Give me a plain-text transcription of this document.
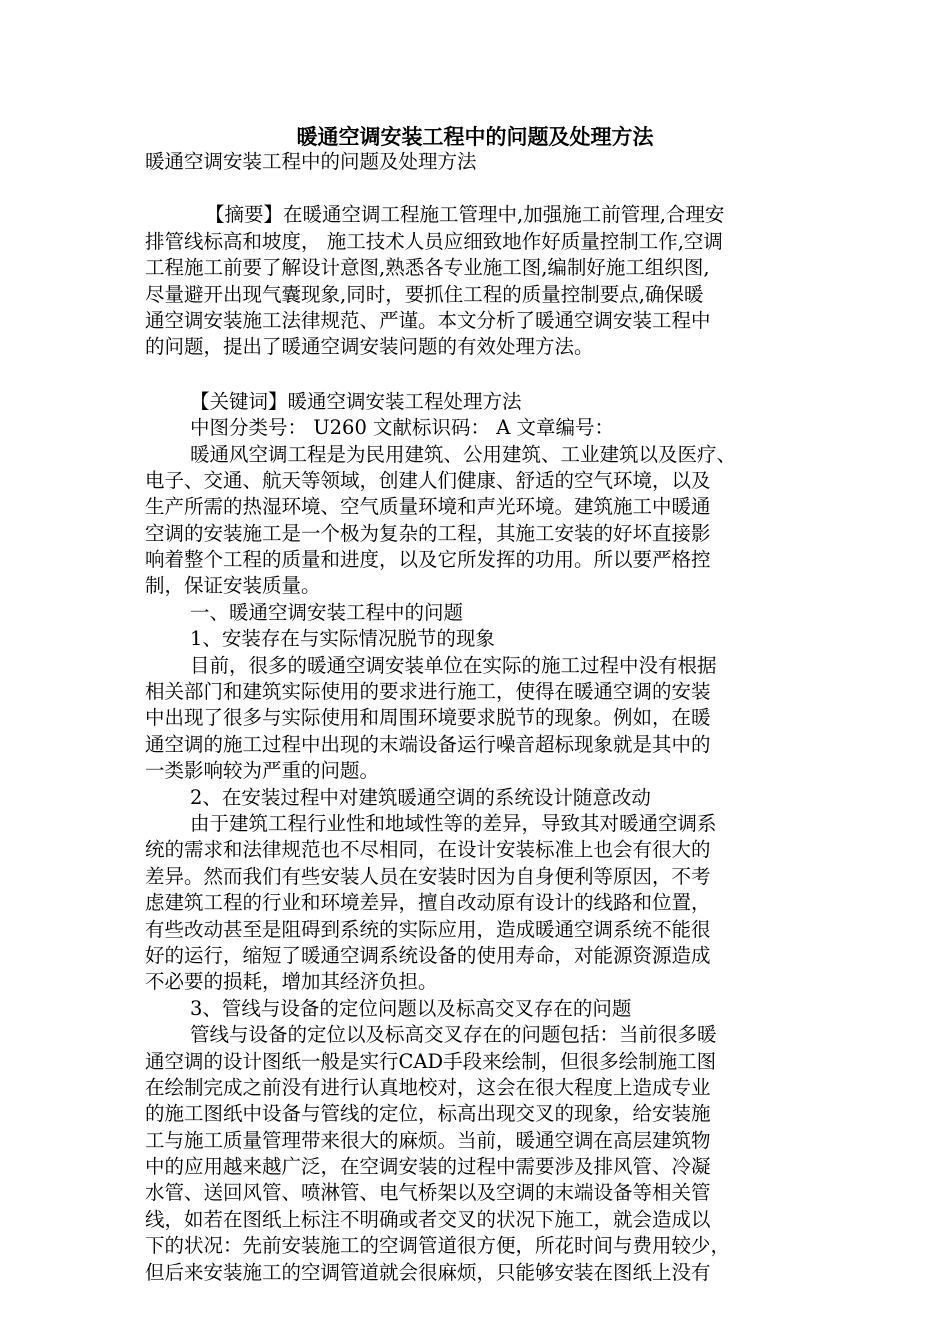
暖通空调安装工程中的问题及处理方法
暖通空调安装工程中的问题及处理方法
【摘要】在暖通空调工程施工管理中,加强施工前管理,合理安
排管线标高和坡度， 施工技术人员应细致地作好质量控制工作,空调
工程施工前要了解设计意图,熟悉各专业施工图,编制好施工组织图,
尽量避开出现气囊现象,同时，要抓住工程的质量控制要点,确保暖
通空调安装施工法律规范、严谨。本文分析了暖通空调安装工程中
的问题，提出了暖通空调安装问题的有效处理方法。
【关键词】暖通空调安装工程处理方法
中图分类号： U260 文献标识码： A 文章编号：
暖通风空调工程是为民用建筑、公用建筑、工业建筑以及医疗、
电子、交通、航天等领域，创建人们健康、舒适的空气环境，以及
生产所需的热湿环境、空气质量环境和声光环境。建筑施工中暖通
空调的安装施工是一个极为复杂的工程，其施工安装的好坏直接影
响着整个工程的质量和进度，以及它所发挥的功用。所以要严格控
制，保证安装质量。
一、暖通空调安装工程中的问题
1、安装存在与实际情况脱节的现象
目前，很多的暖通空调安装单位在实际的施工过程中没有根据
相关部门和建筑实际使用的要求进行施工，使得在暖通空调的安装
中出现了很多与实际使用和周围环境要求脱节的现象。例如，在暖
通空调的施工过程中出现的末端设备运行噪音超标现象就是其中的
一类影响较为严重的问题。
2、在安装过程中对建筑暖通空调的系统设计随意改动
由于建筑工程行业性和地域性等的差异，导致其对暖通空调系
统的需求和法律规范也不尽相同，在设计安装标准上也会有很大的
差异。然而我们有些安装人员在安装时因为自身便利等原因，不考
虑建筑工程的行业和环境差异，擅自改动原有设计的线路和位置，
有些改动甚至是阻碍到系统的实际应用，造成暖通空调系统不能很
好的运行，缩短了暖通空调系统设备的使用寿命，对能源资源造成
不必要的损耗，增加其经济负担。
3、管线与设备的定位问题以及标高交叉存在的问题
管线与设备的定位以及标高交叉存在的问题包括：当前很多暖
通空调的设计图纸一般是实行CAD手段来绘制，但很多绘制施工图
在绘制完成之前没有进行认真地校对，这会在很大程度上造成专业
的施工图纸中设备与管线的定位，标高出现交叉的现象，给安装施
工与施工质量管理带来很大的麻烦。当前，暖通空调在高层建筑物
中的应用越来越广泛，在空调安装的过程中需要涉及排风管、冷凝
水管、送回风管、喷淋管、电气桥架以及空调的末端设备等相关管
线，如若在图纸上标注不明确或者交叉的状况下施工，就会造成以
下的状况：先前安装施工的空调管道很方便，所花时间与费用较少，
但后来安装施工的空调管道就会很麻烦，只能够安装在图纸上没有
